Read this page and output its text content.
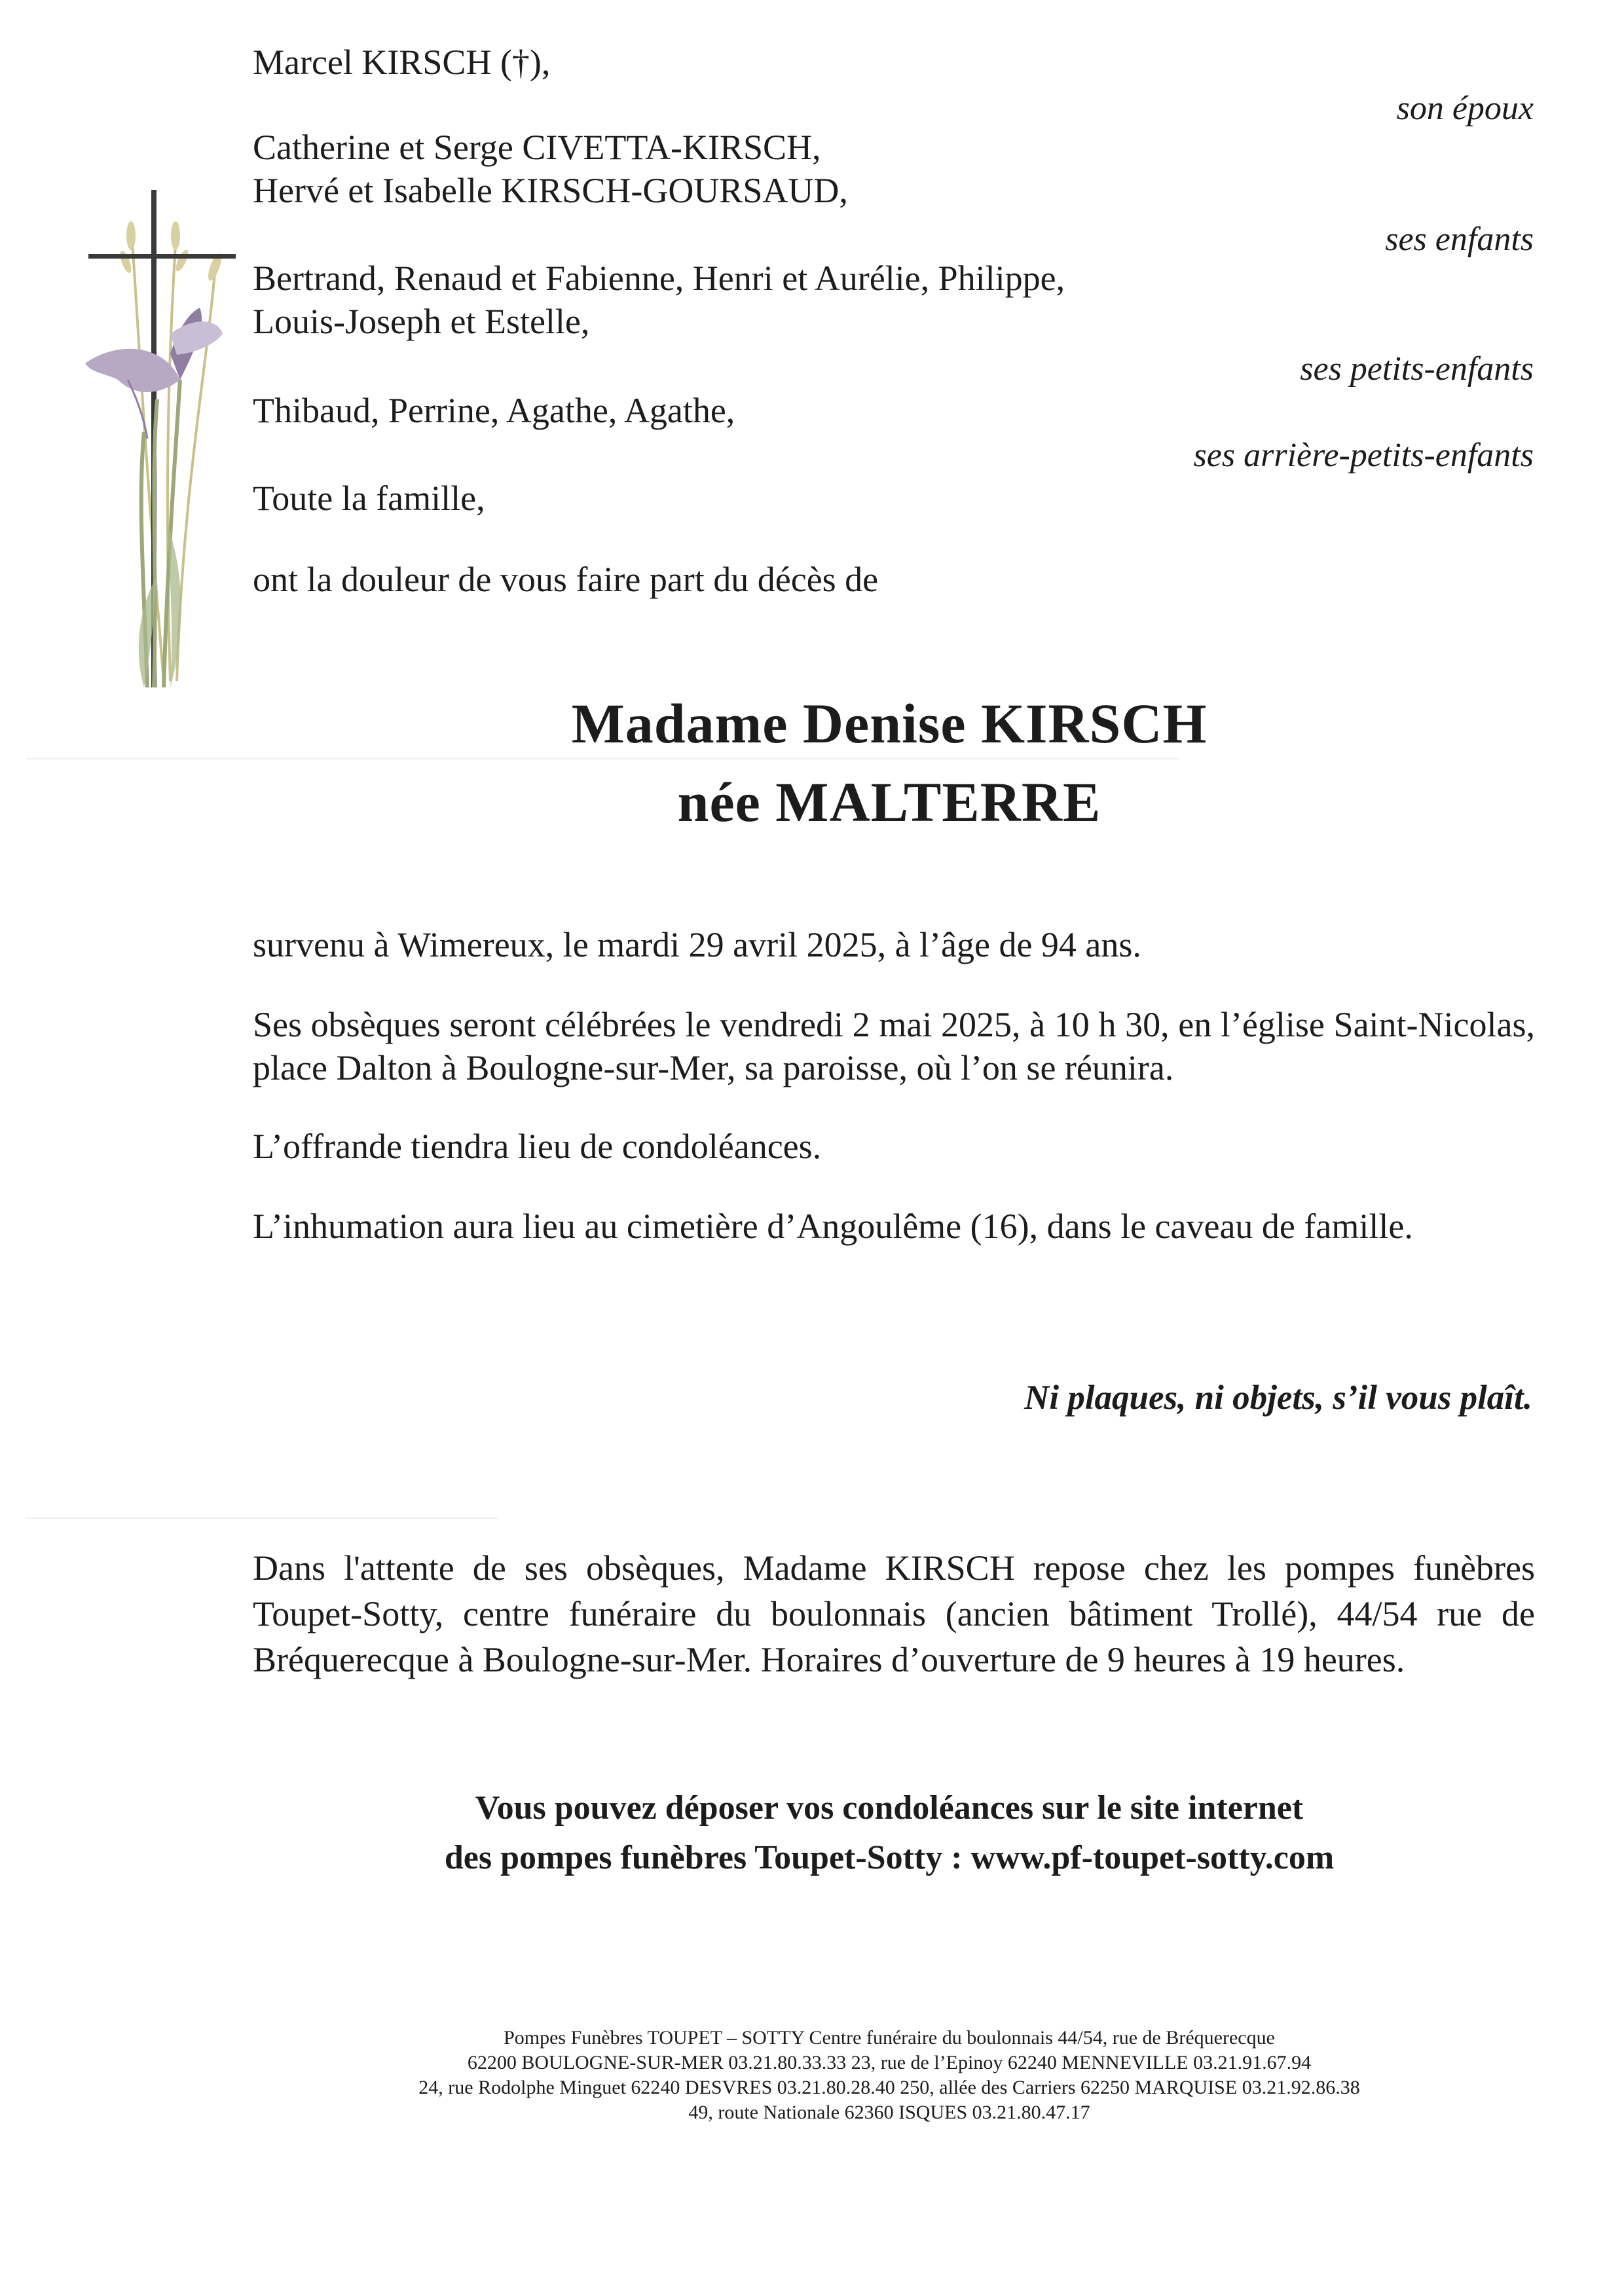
Marcel KIRSCH (†),
Catherine et Serge CIVETTA-KIRSCH,
Hervé et Isabelle KIRSCH-GOURSAUD,
Bertrand, Renaud et Fabienne, Henri et Aurélie, Philippe,
Louis-Joseph et Estelle,
Thibaud, Perrine, Agathe, Agathe,
Toute la famille,
ont la douleur de vous faire part du décès de
son époux
ses enfants
ses petits-enfants
ses arrière-petits-enfants
Madame Denise KIRSCH
née MALTERRE
survenu à Wimereux, le mardi 29 avril 2025, à l’âge de 94 ans.
Ses obsèques seront célébrées le vendredi 2 mai 2025, à 10 h 30, en l’église Saint-Nicolas, place Dalton à Boulogne-sur-Mer, sa paroisse, où l’on se réunira.
L’offrande tiendra lieu de condoléances.
L’inhumation aura lieu au cimetière d’Angoulême (16), dans le caveau de famille.
Ni plaques, ni objets, s’il vous plaît.
Dans l'attente de ses obsèques, Madame KIRSCH repose chez les pompes funèbres Toupet-Sotty, centre funéraire du boulonnais (ancien bâtiment Trollé), 44/54 rue de Bréquerecque à Boulogne-sur-Mer. Horaires d’ouverture de 9 heures à 19 heures.
Vous pouvez déposer vos condoléances sur le site internet
des pompes funèbres Toupet-Sotty : www.pf-toupet-sotty.com
Pompes Funèbres TOUPET – SOTTY Centre funéraire du boulonnais 44/54, rue de Bréquerecque
62200 BOULOGNE-SUR-MER 03.21.80.33.33 23, rue de l’Epinoy 62240 MENNEVILLE 03.21.91.67.94
24, rue Rodolphe Minguet 62240 DESVRES 03.21.80.28.40 250, allée des Carriers 62250 MARQUISE 03.21.92.86.38
49, route Nationale 62360 ISQUES 03.21.80.47.17
